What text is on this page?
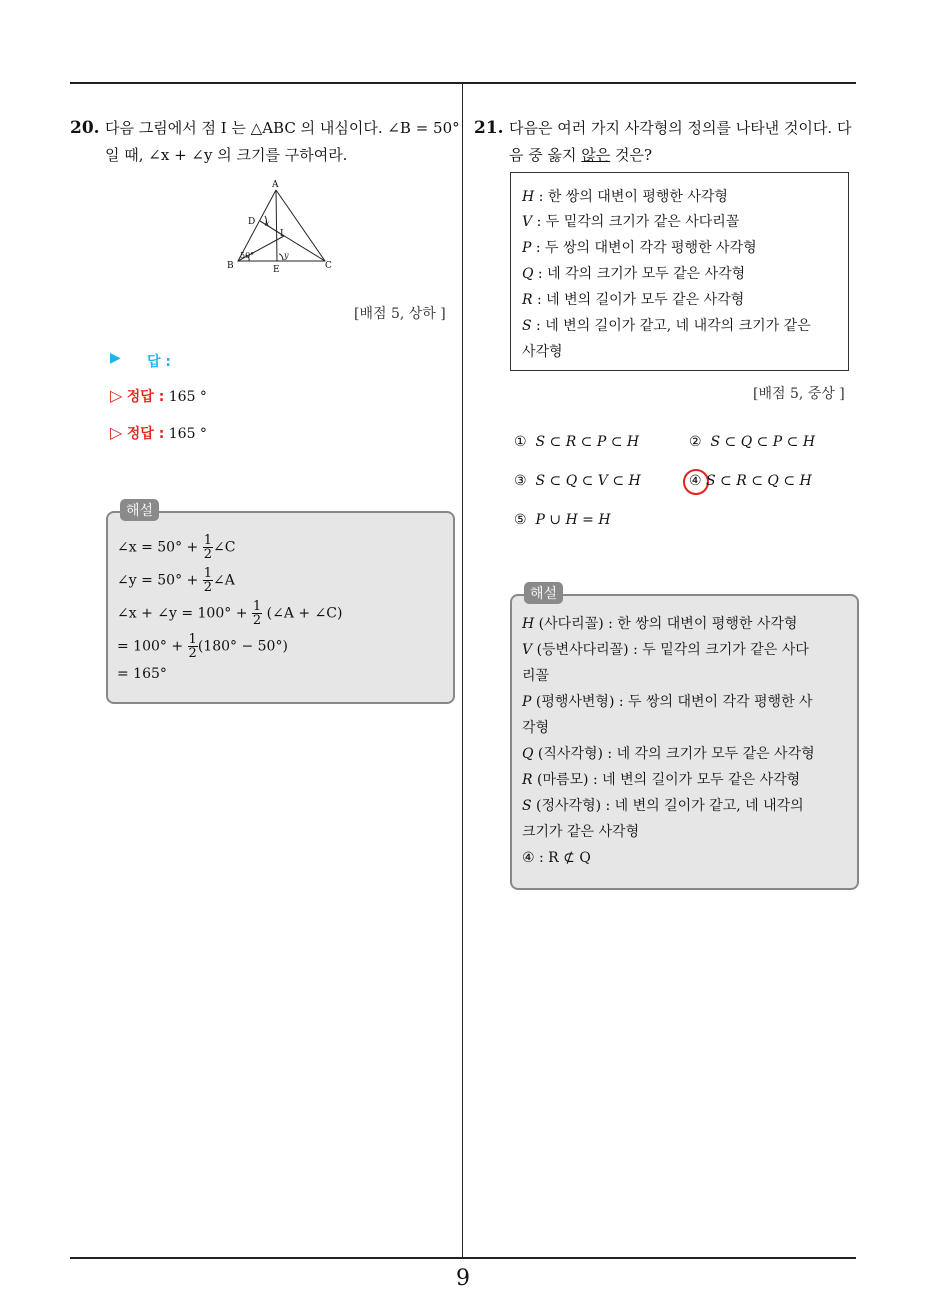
9
20. 다음 그림에서 점 I 는 △ABC 의 내심이다. ∠B = 50°
일 때, ∠x + ∠y 의 크기를 구하여라.
A
D x
I
50°	y
B	E	C
[배점 5, 상하 ]
▶ 답 :
▷ 정답 : 165 °
▷ 정답 : 165 °
해설
∠x = $50^\circ + \frac{1}{2}$ ∠C
∠y = $50^\circ + \frac{1}{2}$ ∠A
∠x + ∠y = $100^\circ + \frac{1}{2}$ (∠A + ∠C)
= $100^\circ + \frac{1}{2} (180^\circ - 50^\circ)$
= 165°
21. 다음은 여러 가지 사각형의 정의를 나타낸 것이다. 다
음 중 옳지 않은 것은?
H : 한 쌍의 대변이 평행한 사각형
V : 두 밑각의 크기가 같은 사다리꼴
P : 두 쌍의 대변이 각각 평행한 사각형
Q : 네 각의 크기가 모두 같은 사각형
R : 네 변의 길이가 모두 같은 사각형
S : 네 변의 길이가 같고, 네 내각의 크기가 같은
사각형
[배점 5, 중상 ]
① S ⊂ R ⊂ P ⊂ H	② S ⊂ Q ⊂ P ⊂ H
③ S ⊂ Q ⊂ V ⊂ H	④ S ⊂ R ⊂ Q ⊂ H
⑤ P ∪ H = H
해설
H (사다리꼴) : 한 쌍의 대변이 평행한 사각형
V (등변사다리꼴) : 두 밑각의 크기가 같은 사다
리꼴
P (평행사변형) : 두 쌍의 대변이 각각 평행한 사
각형
Q (직사각형) : 네 각의 크기가 모두 같은 사각형
R (마름모) : 네 변의 길이가 모두 같은 사각형
S (정사각형) : 네 변의 길이가 같고, 네 내각의
크기가 같은 사각형
④ : R ⊄ Q
